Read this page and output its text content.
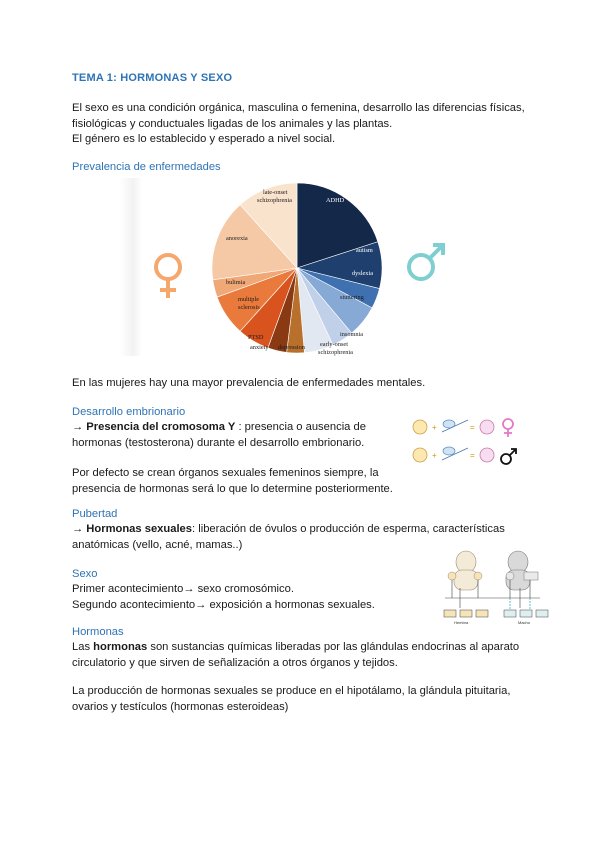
TEMA 1: HORMONAS Y SEXO
El sexo es una condición orgánica, masculina o femenina, desarrollo las diferencias físicas,
fisiológicas y conductuales ligadas de los animales y las plantas.
El género es lo establecido y esperado a nivel social.
Prevalencia de enfermedades
ADHD
autism
dyslexia
stuttering
insomnia
early-onset
schizophrenia
depression
anxiety
PTSD
multiple
sclerosis
bulimia
anorexia
late-onset
schizophrenia
En las mujeres hay una mayor prevalencia de enfermedades mentales.
Desarrollo embrionario
→ Presencia del cromosoma Y : presencia o ausencia de
hormonas (testosterona) durante el desarrollo embrionario.
+	=
+	=
Por defecto se crean órganos sexuales femeninos siempre, la
presencia de hormonas será lo que lo determine posteriormente.
Pubertad
→ Hormonas sexuales: liberación de óvulos o producción de esperma, características
anatómicas (vello, acné, mamas..)
Sexo
Primer acontecimiento→ sexo cromosómico.
Segundo acontecimiento→ exposición a hormonas sexuales.
Hembra	Macho
Hormonas
Las hormonas son sustancias químicas liberadas por las glándulas endocrinas al aparato
circulatorio y que sirven de señalización a otros órganos y tejidos.
La producción de hormonas sexuales se produce en el hipotálamo, la glándula pituitaria,
ovarios y testículos (hormonas esteroideas)
